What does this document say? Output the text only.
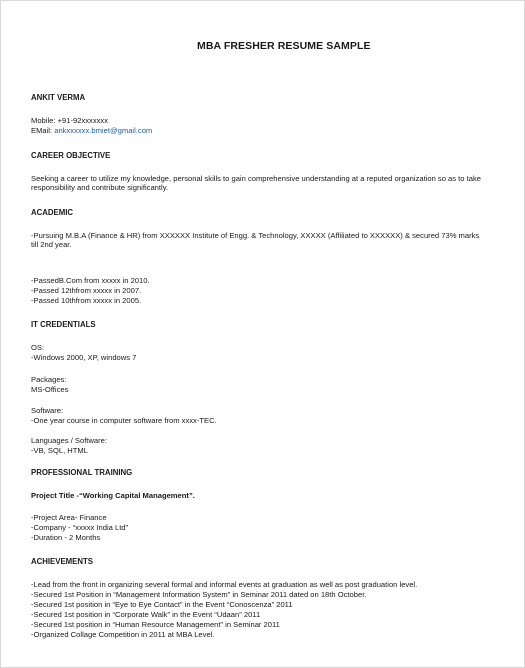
MBA FRESHER RESUME SAMPLE
ANKIT VERMA
Mobile: +91-92xxxxxxx
EMail: ankxxxxxx.bmiet@gmail.com
CAREER OBJECTIVE
Seeking a career to utilize my knowledge, personal skills to gain comprehensive understanding at a reputed organization so as to take responsibility and contribute significantly.
ACADEMIC
-Pursuing M.B.A (Finance & HR) from XXXXXX Institute of Engg. & Technology, XXXXX (Affiliated to XXXXXX) & secured 73% marks till 2nd year.
-PassedB.Com from xxxxx in 2010.
-Passed 12thfrom xxxxx in 2007.
-Passed 10thfrom xxxxx in 2005.
IT CREDENTIALS
OS:
-Windows 2000, XP, windows 7
Packages:
MS-Offices
Software:
-One year course in computer software from xxxx-TEC.
Languages / Software:
-VB, SQL, HTML
PROFESSIONAL TRAINING
Project Title -“Working Capital Management”.
-Project Area- Finance
-Company - “xxxxx India Ltd”
-Duration - 2 Months
ACHIEVEMENTS
-Lead from the front in organizing several formal and informal events at graduation as well as post graduation level.
-Secured 1st Position in “Management Information System” in Seminar 2011 dated on 18th October.
-Secured 1st position in “Eye to Eye Contact” in the Event “Conoscenza” 2011
-Secured 1st position in “Corporate Walk” in the Event “Udaan” 2011
-Secured 1st position in “Human Resource Management” in Seminar 2011
-Organized Collage Competition in 2011 at MBA Level.
